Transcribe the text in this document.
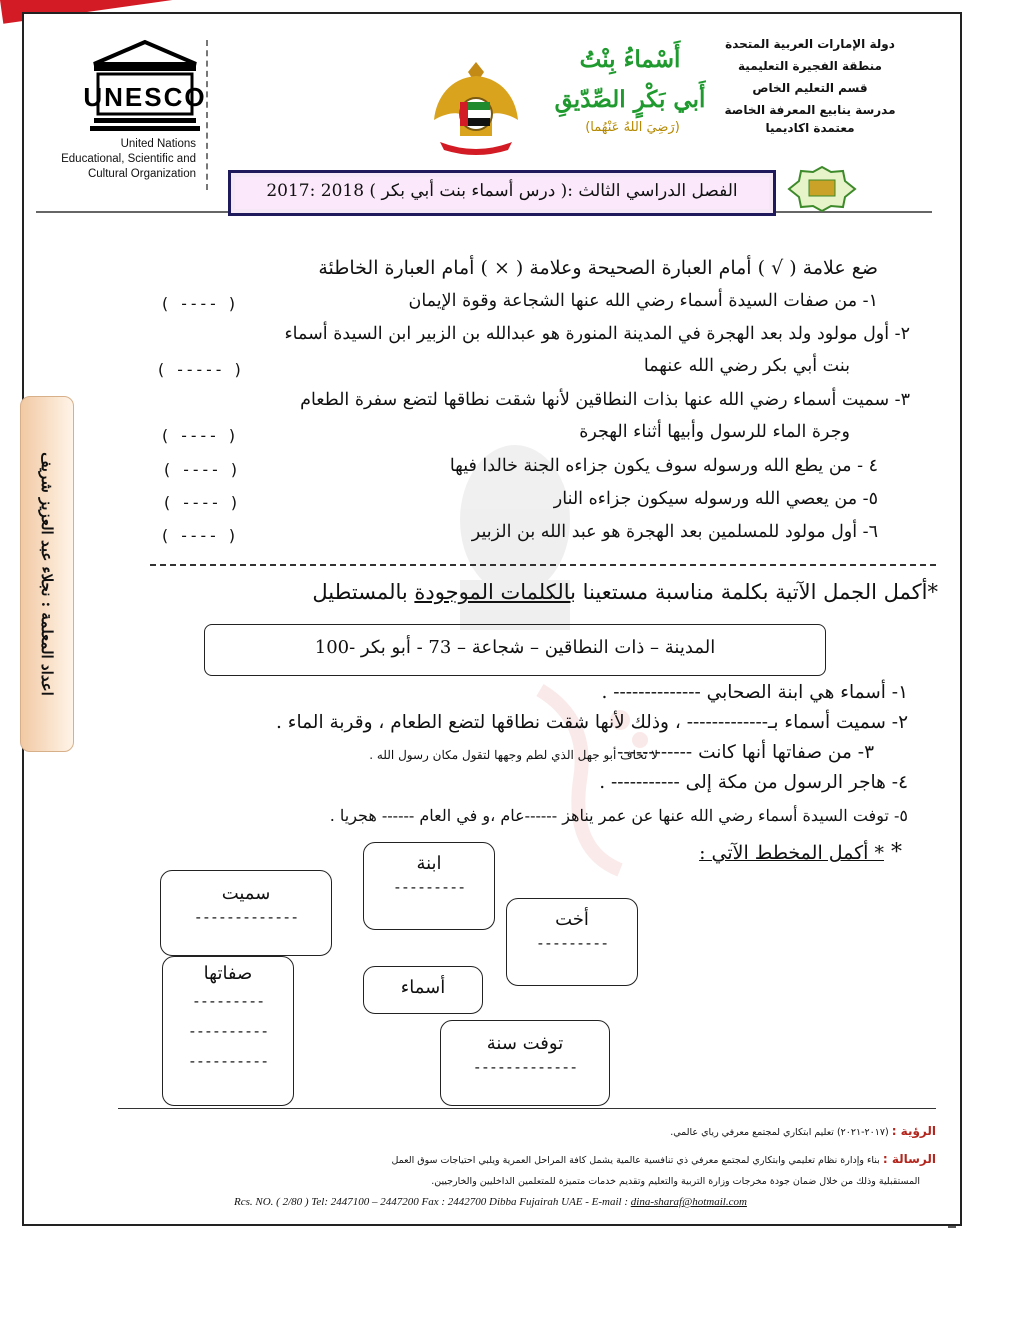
دولة الإمارات العربية المتحدة
منطقة الفجيرة التعليمية
قسم التعليم الخاص
مدرسة ينابيع المعرفة الخاصة
معتمدة اكاديميا
UNESCO
United Nations
Educational, Scientific and
Cultural Organization
أَسْماءُ بِنْتُ
أَبي بَكْرٍ الصِّدّيقِ
(رَضِيَ اللهُ عَنْهُما)
الفصل الدراسي الثالث :( درس أسماء بنت أبي بكر ) 2018 :2017
اعداد المعلمة : نجلاء عبد العزيز شريف
ضع علامة ( √ ) أمام العبارة الصحيحة وعلامة ( × ) أمام العبارة الخاطئة
١- من صفات السيدة أسماء رضي الله عنها الشجاعة وقوة الإيمان
( ---- )
٢- أول مولود ولد بعد الهجرة في المدينة المنورة هو عبدالله بن الزبير ابن السيدة أسماء
بنت أبي بكر رضي الله عنهما
( ----- )
٣- سميت أسماء رضي الله عنها بذات النطاقين لأنها شقت نطاقها لتضع سفرة الطعام
وجرة الماء للرسول وأبيها أثناء الهجرة
( ---- )
٤ - من يطع الله ورسوله سوف يكون جزاءه الجنة خالدا فيها
( ---- )
٥- من يعصي الله ورسوله سيكون جزاءه النار
( ---- )
٦- أول مولود للمسلمين بعد الهجرة هو عبد الله بن الزبير
( ---- )
*أكمل الجمل الآتية بكلمة مناسبة مستعينا بالكلمات الموجودة بالمستطيل
المدينة – ذات النطاقين – شجاعة – 73 - أبو بكر -100
١- أسماء هي ابنة الصحابي -------------- .
٢- سميت أسماء بـ------------- ، وذلك لأنها شقت نطاقها لتضع الطعام ، وقربة الماء .
٣- من صفاتها أنها كانت ------------
لا تخاف أبو جهل الذي لطم وجهها لتقول مكان رسول الله .
٤- هاجر الرسول من مكة إلى ----------- .
٥- توفت السيدة أسماء رضي الله عنها عن عمر يناهز ------عام ،و في العام ------ هجريا .
* * أكمل المخطط الآتي :
ابنة
---------
سميت
-------------	أخت
---------
صفاتها
---------
----------
----------
أسماء
توفت سنة
-------------
الرؤية : (٢٠١٧-٢٠٢١) تعليم ابتكاري لمجتمع معرفي رياي عالمي.
الرسالة : بناء وإدارة نظام تعليمي وابتكاري لمجتمع معرفي ذي تنافسية عالمية يشمل كافة المراحل العمرية ويلبي احتياجات سوق العمل
المستقبلية وذلك من خلال ضمان جودة مخرجات وزارة التربية والتعليم وتقديم خدمات متميزة للمتعلمين الداخليين والخارجيين.
Rcs. NO. ( 2/80 ) Tel: 2447100 – 2447200 Fax : 2442700 Dibba Fujairah UAE - E-mail : dina-sharaf@hotmail.com
